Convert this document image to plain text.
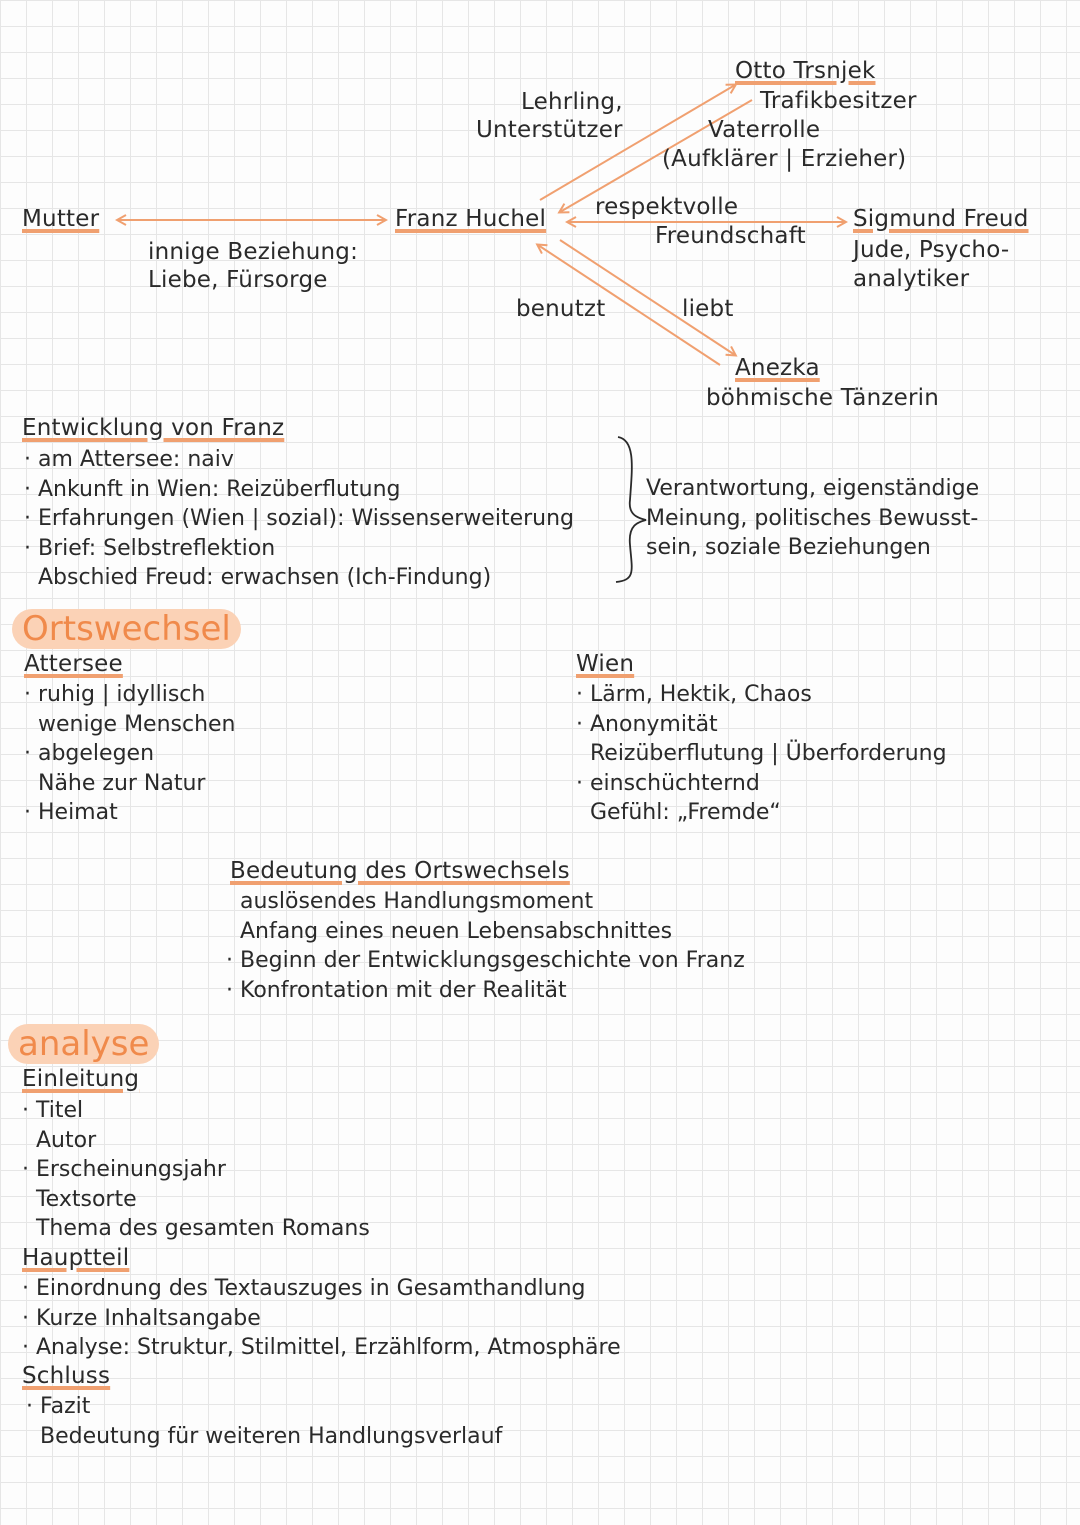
Mutter
innige Beziehung:
Liebe, Fürsorge
Franz Huchel
Lehrling,
Unterstützer
Otto Trsnjek
Trafikbesitzer
Vaterrolle
(Aufklärer | Erzieher)
respektvolle
Freundschaft
Sigmund Freud
Jude, Psycho-
analytiker
benutzt	liebt
Anezka
böhmische Tänzerin
Entwicklung von Franz
· am Attersee: naiv
· Ankunft in Wien: Reizüberflutung
· Erfahrungen (Wien | sozial): Wissenserweiterung
· Brief: Selbstreflektion
Abschied Freud: erwachsen (Ich-Findung)
Verantwortung, eigenständige
Meinung, politisches Bewusst-
sein, soziale Beziehungen
Ortswechsel
Attersee
· ruhig | idyllisch
wenige Menschen
· abgelegen
Nähe zur Natur
· Heimat
Wien
· Lärm, Hektik, Chaos
· Anonymität
Reizüberflutung | Überforderung
· einschüchternd
Gefühl: „Fremde“
Bedeutung des Ortswechsels
auslösendes Handlungsmoment
Anfang eines neuen Lebensabschnittes
· Beginn der Entwicklungsgeschichte von Franz
· Konfrontation mit der Realität
analyse
Einleitung
· Titel
Autor
· Erscheinungsjahr
Textsorte
Thema des gesamten Romans
Hauptteil
· Einordnung des Textauszuges in Gesamthandlung
· Kurze Inhaltsangabe
· Analyse: Struktur, Stilmittel, Erzählform, Atmosphäre
Schluss
· Fazit
Bedeutung für weiteren Handlungsverlauf
